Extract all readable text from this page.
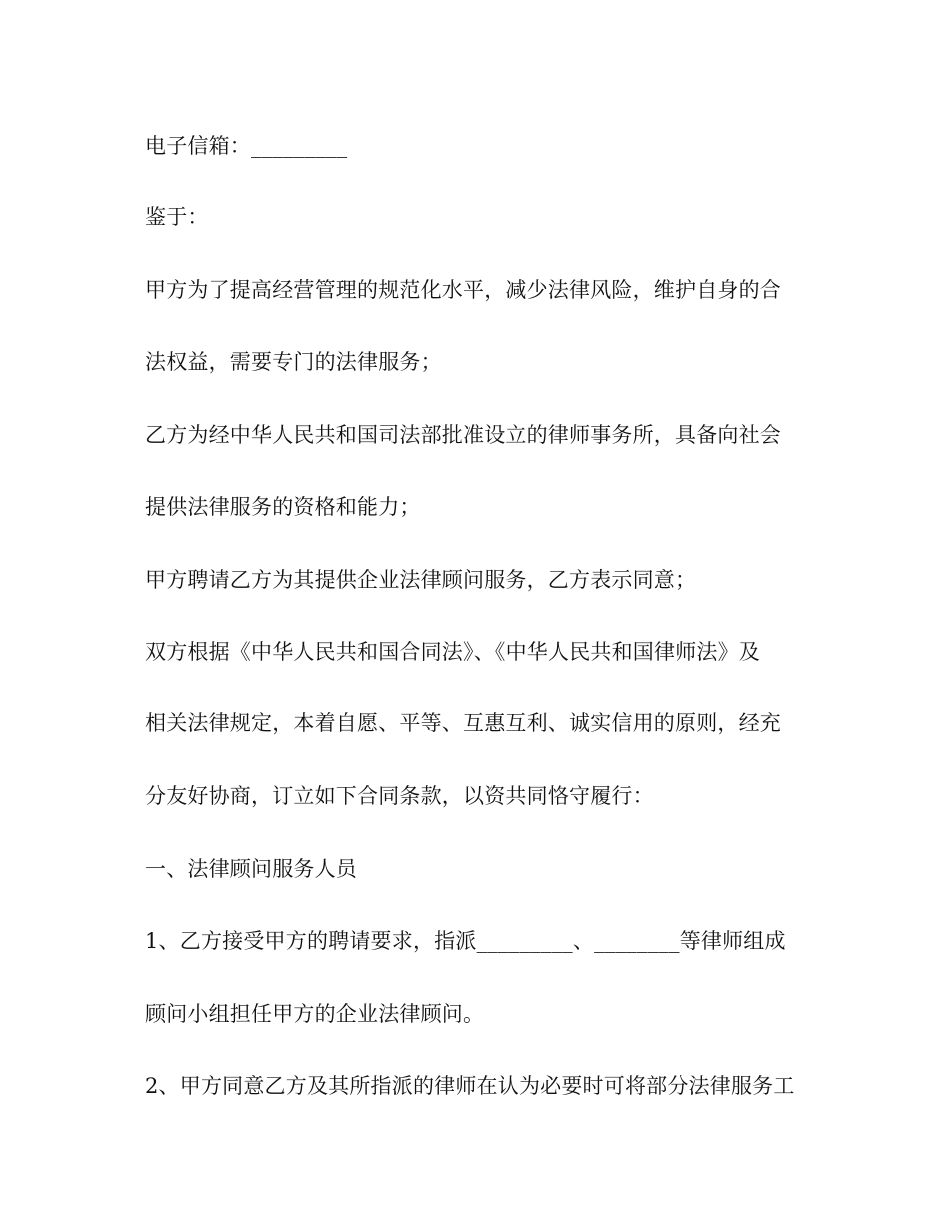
电子信箱：_________

鉴于：

甲方为了提高经营管理的规范化水平，减少法律风险，维护自身的合

法权益，需要专门的法律服务；

乙方为经中华人民共和国司法部批准设立的律师事务所，具备向社会

提供法律服务的资格和能力；

甲方聘请乙方为其提供企业法律顾问服务，乙方表示同意；

双方根据《中华人民共和国合同法》、《中华人民共和国律师法》及

相关法律规定，本着自愿、平等、互惠互利、诚实信用的原则，经充

分友好协商，订立如下合同条款，以资共同恪守履行：

一、法律顾问服务人员

1、乙方接受甲方的聘请要求，指派_________、________等律师组成

顾问小组担任甲方的企业法律顾问。

2、甲方同意乙方及其所指派的律师在认为必要时可将部分法律服务工
